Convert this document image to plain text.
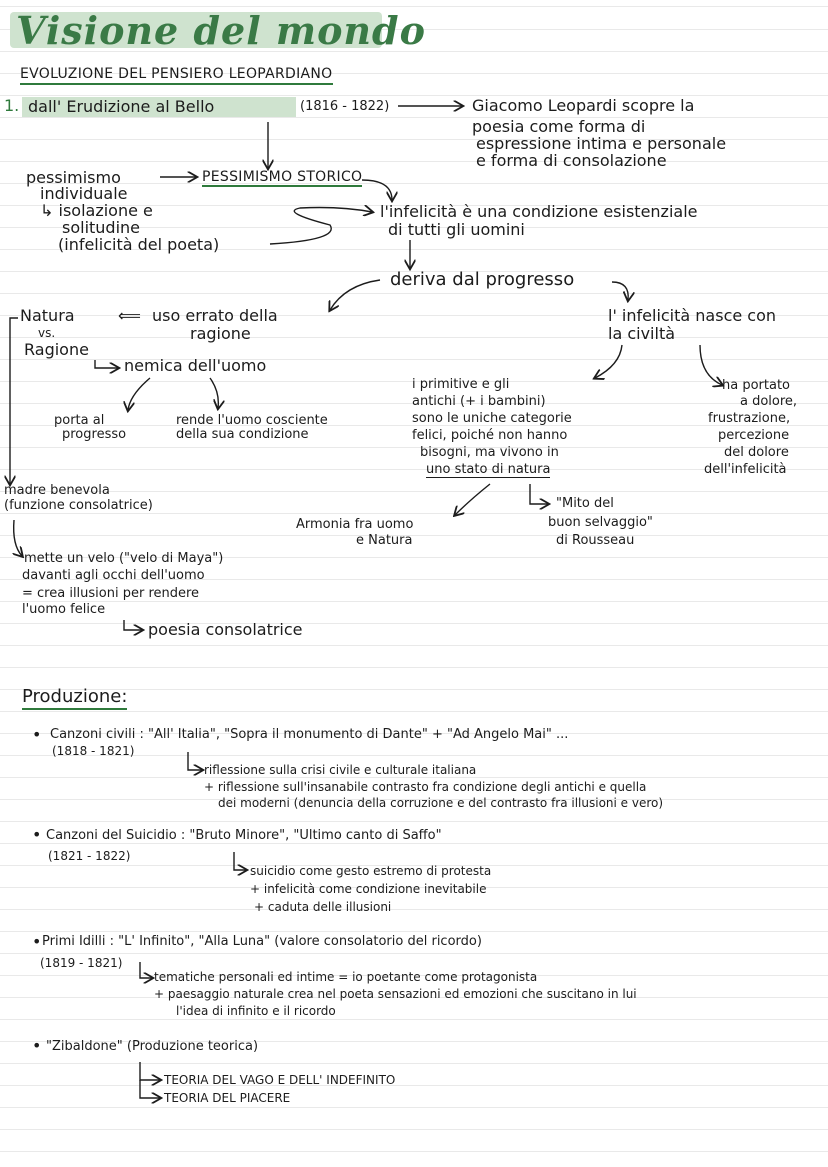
Visione del mondo
EVOLUZIONE DEL PENSIERO LEOPARDIANO
1. dall' Erudizione al Bello	(1816 - 1822)	Giacomo Leopardi scopre la
poesia come forma di
espressione intima e personale
e forma di consolazione
pessimismo
individuale
↳ isolazione e
solitudine
(infelicità del poeta)
PESSIMISMO STORICO
l'infelicità è una condizione esistenziale
di tutti gli uomini
deriva dal progresso
Natura
vs.
Ragione
⟸ uso errato della
ragione
nemica dell'uomo
porta al
progresso
rende l'uomo cosciente
della sua condizione
madre benevola
(funzione consolatrice)
mette un velo ("velo di Maya")
davanti agli occhi dell'uomo
= crea illusioni per rendere
l'uomo felice
poesia consolatrice
l' infelicità nasce con
la civiltà
i primitive e gli
antichi (+ i bambini)
sono le uniche categorie
felici, poiché non hanno
bisogni, ma vivono in
uno stato di natura
ha portato
a dolore,
frustrazione,
percezione
del dolore
dell'infelicità
Armonia fra uomo
e Natura
"Mito del
buon selvaggio"
di Rousseau
Produzione:
• Canzoni civili : "All' Italia", "Sopra il monumento di Dante" + "Ad Angelo Mai" ...
(1818 - 1821)
riflessione sulla crisi civile e culturale italiana
+ riflessione sull'insanabile contrasto fra condizione degli antichi e quella
dei moderni (denuncia della corruzione e del contrasto fra illusioni e vero)
• Canzoni del Suicidio : "Bruto Minore", "Ultimo canto di Saffo"
(1821 - 1822)
suicidio come gesto estremo di protesta
+ infelicità come condizione inevitabile
+ caduta delle illusioni
• Primi Idilli : "L' Infinito", "Alla Luna" (valore consolatorio del ricordo)
(1819 - 1821)
tematiche personali ed intime = io poetante come protagonista
+ paesaggio naturale crea nel poeta sensazioni ed emozioni che suscitano in lui
l'idea di infinito e il ricordo
• "Zibaldone" (Produzione teorica)
TEORIA DEL VAGO E DELL' INDEFINITO
TEORIA DEL PIACERE
